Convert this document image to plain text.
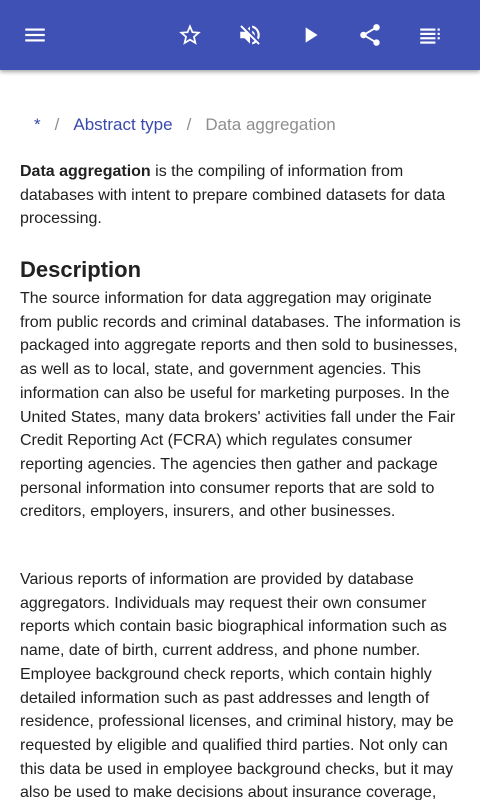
* / Abstract type / Data aggregation

Data aggregation is the compiling of information from databases with intent to prepare combined datasets for data processing.

Description

The source information for data aggregation may originate from public records and criminal databases. The information is packaged into aggregate reports and then sold to businesses, as well as to local, state, and government agencies. This information can also be useful for marketing purposes. In the United States, many data brokers' activities fall under the Fair Credit Reporting Act (FCRA) which regulates consumer reporting agencies. The agencies then gather and package personal information into consumer reports that are sold to creditors, employers, insurers, and other businesses.

Various reports of information are provided by database aggregators. Individuals may request their own consumer reports which contain basic biographical information such as name, date of birth, current address, and phone number. Employee background check reports, which contain highly detailed information such as past addresses and length of residence, professional licenses, and criminal history, may be requested by eligible and qualified third parties. Not only can this data be used in employee background checks, but it may also be used to make decisions about insurance coverage,
